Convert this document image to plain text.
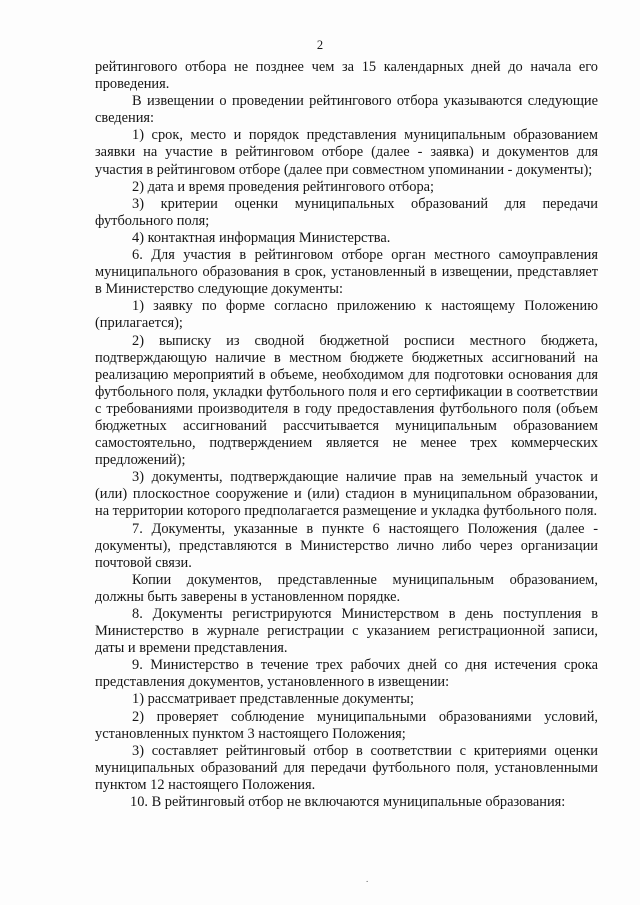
2

рейтингового отбора не позднее чем за 15 календарных дней до начала его проведения.

В извещении о проведении рейтингового отбора указываются следующие сведения:

1) срок, место и порядок представления муниципальным образованием заявки на участие в рейтинговом отборе (далее - заявка) и документов для участия в рейтинговом отборе (далее при совместном упоминании - документы);

2) дата и время проведения рейтингового отбора;

3) критерии оценки муниципальных образований для передачи футбольного поля;

4) контактная информация Министерства.

6. Для участия в рейтинговом отборе орган местного самоуправления муниципального образования в срок, установленный в извещении, представляет в Министерство следующие документы:

1) заявку по форме согласно приложению к настоящему Положению (прилагается);

2) выписку из сводной бюджетной росписи местного бюджета, подтверждающую наличие в местном бюджете бюджетных ассигнований на реализацию мероприятий в объеме, необходимом для подготовки основания для футбольного поля, укладки футбольного поля и его сертификации в соответствии с требованиями производителя в году предоставления футбольного поля (объем бюджетных ассигнований рассчитывается муниципальным образованием самостоятельно, подтверждением является не менее трех коммерческих предложений);

3) документы, подтверждающие наличие прав на земельный участок и (или) плоскостное сооружение и (или) стадион в муниципальном образовании, на территории которого предполагается размещение и укладка футбольного поля.

7. Документы, указанные в пункте 6 настоящего Положения (далее - документы), представляются в Министерство лично либо через организации почтовой связи.

Копии документов, представленные муниципальным образованием, должны быть заверены в установленном порядке.

8. Документы регистрируются Министерством в день поступления в Министерство в журнале регистрации с указанием регистрационной записи, даты и времени представления.

9. Министерство в течение трех рабочих дней со дня истечения срока представления документов, установленного в извещении:

1) рассматривает представленные документы;

2) проверяет соблюдение муниципальными образованиями условий, установленных пунктом 3 настоящего Положения;

3) составляет рейтинговый отбор в соответствии с критериями оценки муниципальных образований для передачи футбольного поля, установленными пунктом 12 настоящего Положения.

10. В рейтинговый отбор не включаются муниципальные образования:

.
